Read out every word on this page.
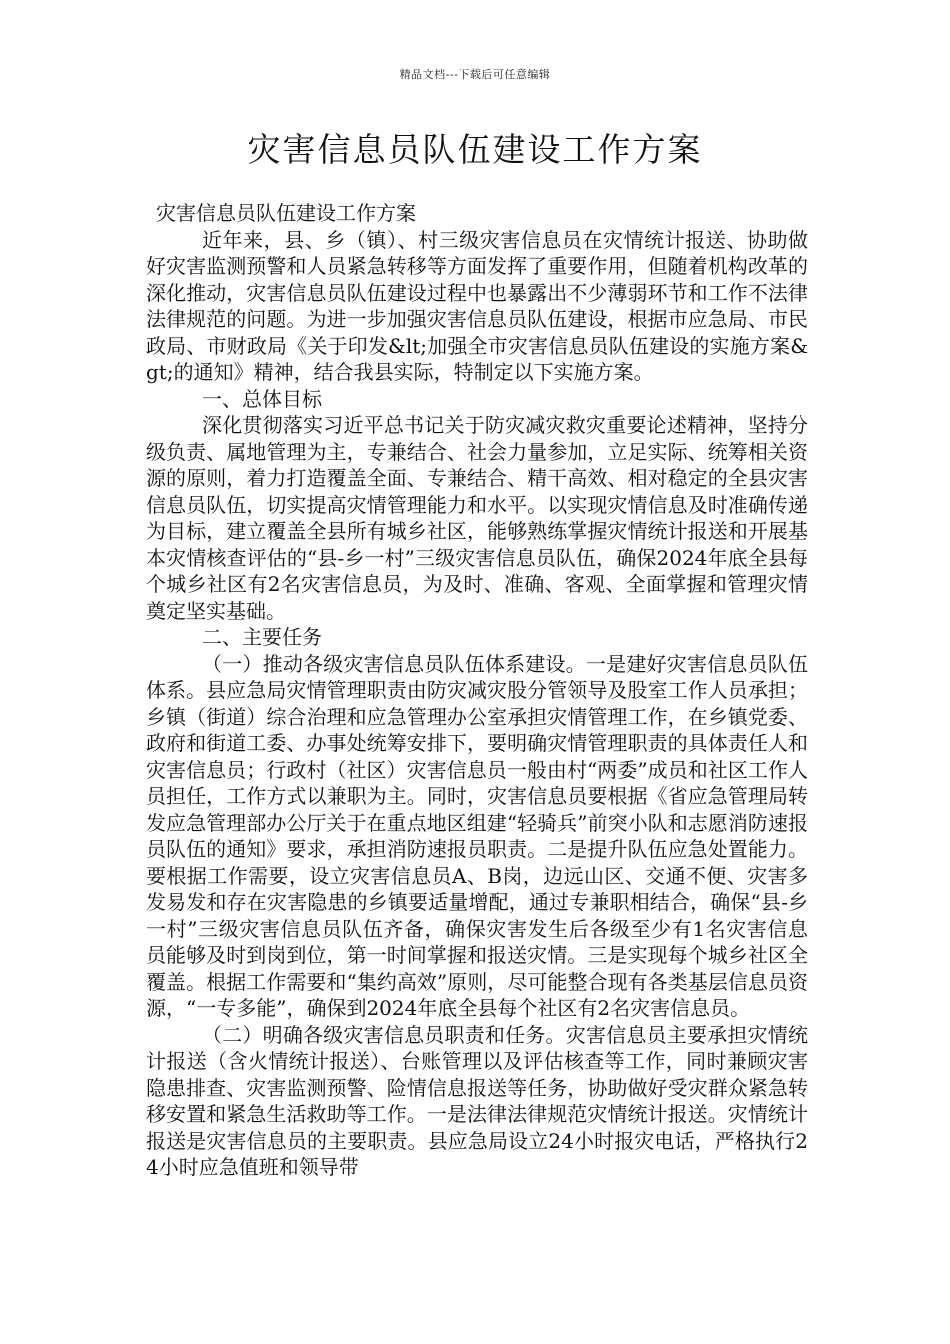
精品文档---下载后可任意编辑
灾害信息员队伍建设工作方案

灾害信息员队伍建设工作方案

近年来，县、乡（镇）、村三级灾害信息员在灾情统计报送、协助做好灾害监测预警和人员紧急转移等方面发挥了重要作用，但随着机构改革的深化推动，灾害信息员队伍建设过程中也暴露出不少薄弱环节和工作不法律法律规范的问题。为进一步加强灾害信息员队伍建设，根据市应急局、市民政局、市财政局《关于印发&lt;加强全市灾害信息员队伍建设的实施方案&gt;的通知》精神，结合我县实际，特制定以下实施方案。

一、总体目标

深化贯彻落实习近平总书记关于防灾减灾救灾重要论述精神，坚持分级负责、属地管理为主，专兼结合、社会力量参加，立足实际、统筹相关资源的原则，着力打造覆盖全面、专兼结合、精干高效、相对稳定的全县灾害信息员队伍，切实提高灾情管理能力和水平。以实现灾情信息及时准确传递为目标，建立覆盖全县所有城乡社区，能够熟练掌握灾情统计报送和开展基本灾情核查评估的“县-乡一村”三级灾害信息员队伍，确保2024年底全县每个城乡社区有2名灾害信息员，为及时、准确、客观、全面掌握和管理灾情奠定坚实基础。

二、主要任务

（一）推动各级灾害信息员队伍体系建设。一是建好灾害信息员队伍体系。县应急局灾情管理职责由防灾减灾股分管领导及股室工作人员承担；乡镇（街道）综合治理和应急管理办公室承担灾情管理工作，在乡镇党委、政府和街道工委、办事处统筹安排下，要明确灾情管理职责的具体责任人和灾害信息员；行政村（社区）灾害信息员一般由村“两委”成员和社区工作人员担任，工作方式以兼职为主。同时，灾害信息员要根据《省应急管理局转发应急管理部办公厅关于在重点地区组建“轻骑兵”前突小队和志愿消防速报员队伍的通知》要求，承担消防速报员职责。二是提升队伍应急处置能力。要根据工作需要，设立灾害信息员A、B岗，边远山区、交通不便、灾害多发易发和存在灾害隐患的乡镇要适量增配，通过专兼职相结合，确保“县-乡一村”三级灾害信息员队伍齐备，确保灾害发生后各级至少有1名灾害信息员能够及时到岗到位，第一时间掌握和报送灾情。三是实现每个城乡社区全覆盖。根据工作需要和“集约高效”原则，尽可能整合现有各类基层信息员资源，“一专多能”，确保到2024年底全县每个社区有2名灾害信息员。

（二）明确各级灾害信息员职责和任务。灾害信息员主要承担灾情统计报送（含火情统计报送）、台账管理以及评估核查等工作，同时兼顾灾害隐患排查、灾害监测预警、险情信息报送等任务，协助做好受灾群众紧急转移安置和紧急生活救助等工作。一是法律法律规范灾情统计报送。灾情统计报送是灾害信息员的主要职责。县应急局设立24小时报灾电话，严格执行24小时应急值班和领导带
